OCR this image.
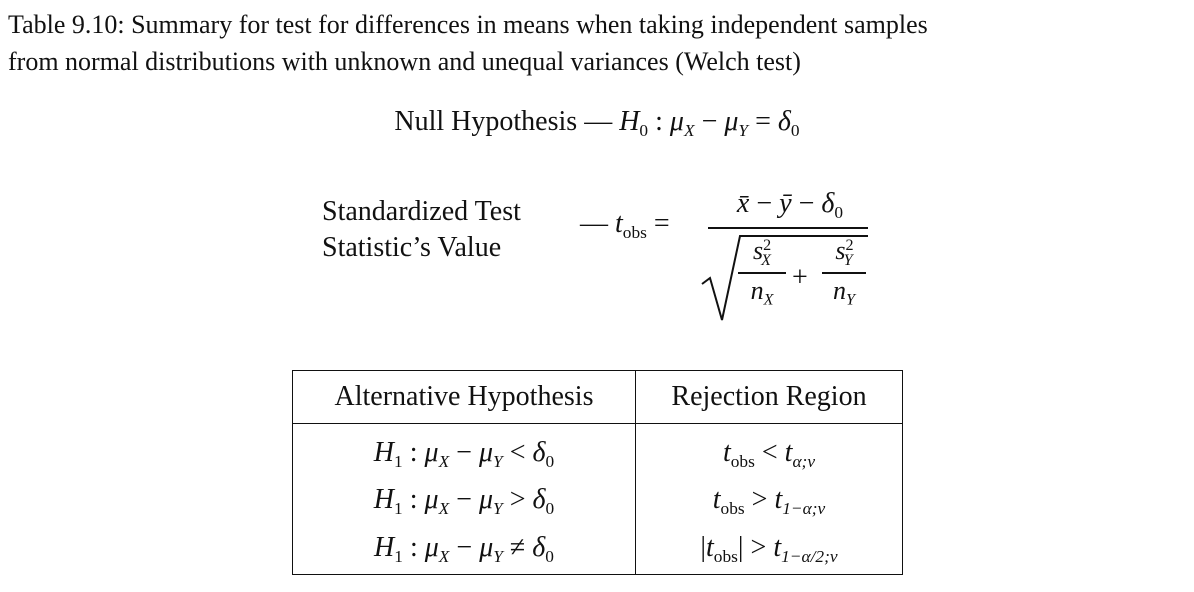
Table 9.10: Summary for test for differences in means when taking independent samples
from normal distributions with unknown and unequal variances (Welch test)
Null Hypothesis — $H_0$ : $\mu_X - \mu_Y = \delta_0$
Standardized Test
Statistic’s Value
— $t_{obs}$ =
x̄ − ȳ − $\delta_0$
$s^2_X$
$n_X$
+
$s^2_Y$
$n_Y$
Alternative Hypothesis	Rejection Region
$H_1$ : $\mu_X - \mu_Y < \delta_0$	$t_{obs} < t_{\alpha;\nu}$
$H_1$ : $\mu_X - \mu_Y > \delta_0$	$t_{obs} > t_{1-\alpha;\nu}$
$H_1$ : $\mu_X - \mu_Y \ne \delta_0$	$|t_{obs}| > t_{1-\alpha/2;\nu}$
